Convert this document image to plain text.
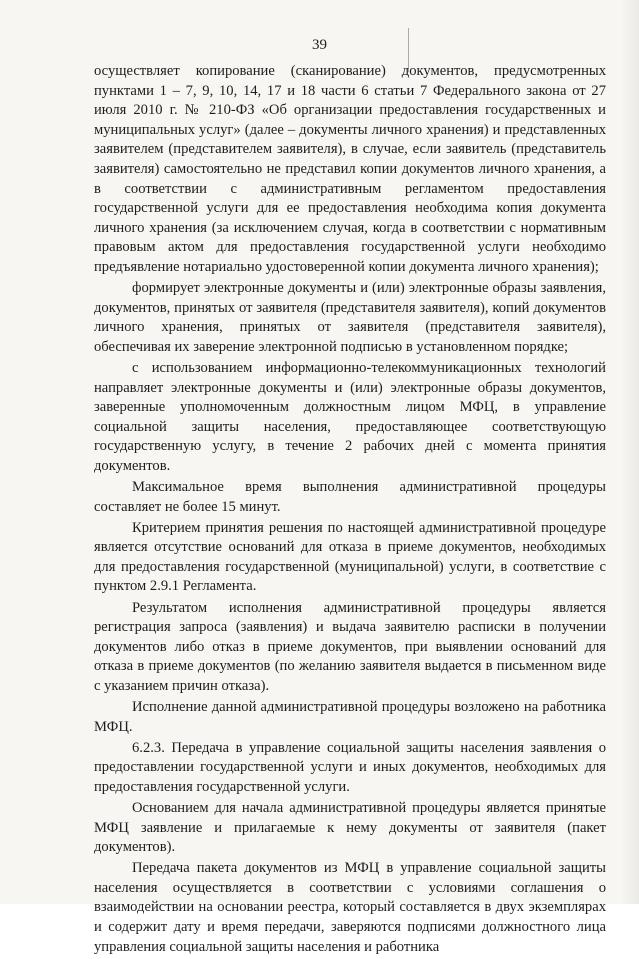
39

осуществляет копирование (сканирование) документов, предусмотренных пунктами 1 – 7, 9, 10, 14, 17 и 18 части 6 статьи 7 Федерального закона от 27 июля 2010 г. № 210-ФЗ «Об организации предоставления государственных и муниципальных услуг» (далее – документы личного хранения) и представленных заявителем (представителем заявителя), в случае, если заявитель (представитель заявителя) самостоятельно не представил копии документов личного хранения, а в соответствии с административным регламентом предоставления государственной услуги для ее предоставления необходима копия документа личного хранения (за исключением случая, когда в соответствии с нормативным правовым актом для предоставления государственной услуги необходимо предъявление нотариально удостоверенной копии документа личного хранения);

формирует электронные документы и (или) электронные образы заявления, документов, принятых от заявителя (представителя заявителя), копий документов личного хранения, принятых от заявителя (представителя заявителя), обеспечивая их заверение электронной подписью в установленном порядке;

с использованием информационно-телекоммуникационных технологий направляет электронные документы и (или) электронные образы документов, заверенные уполномоченным должностным лицом МФЦ, в управление социальной защиты населения, предоставляющее соответствующую государственную услугу, в течение 2 рабочих дней с момента принятия документов.

Максимальное время выполнения административной процедуры составляет не более 15 минут.

Критерием принятия решения по настоящей административной процедуре является отсутствие оснований для отказа в приеме документов, необходимых для предоставления государственной (муниципальной) услуги, в соответствие с пунктом 2.9.1 Регламента.

Результатом исполнения административной процедуры является регистрация запроса (заявления) и выдача заявителю расписки в получении документов либо отказ в приеме документов, при выявлении оснований для отказа в приеме документов (по желанию заявителя выдается в письменном виде с указанием причин отказа).

Исполнение данной административной процедуры возложено на работника МФЦ.

6.2.3. Передача в управление социальной защиты населения заявления о предоставлении государственной услуги и иных документов, необходимых для предоставления государственной услуги.

Основанием для начала административной процедуры является принятые МФЦ заявление и прилагаемые к нему документы от заявителя (пакет документов).

Передача пакета документов из МФЦ в управление социальной защиты населения осуществляется в соответствии с условиями соглашения о взаимодействии на основании реестра, который составляется в двух экземплярах и содержит дату и время передачи, заверяются подписями должностного лица управления социальной защиты населения и работника
